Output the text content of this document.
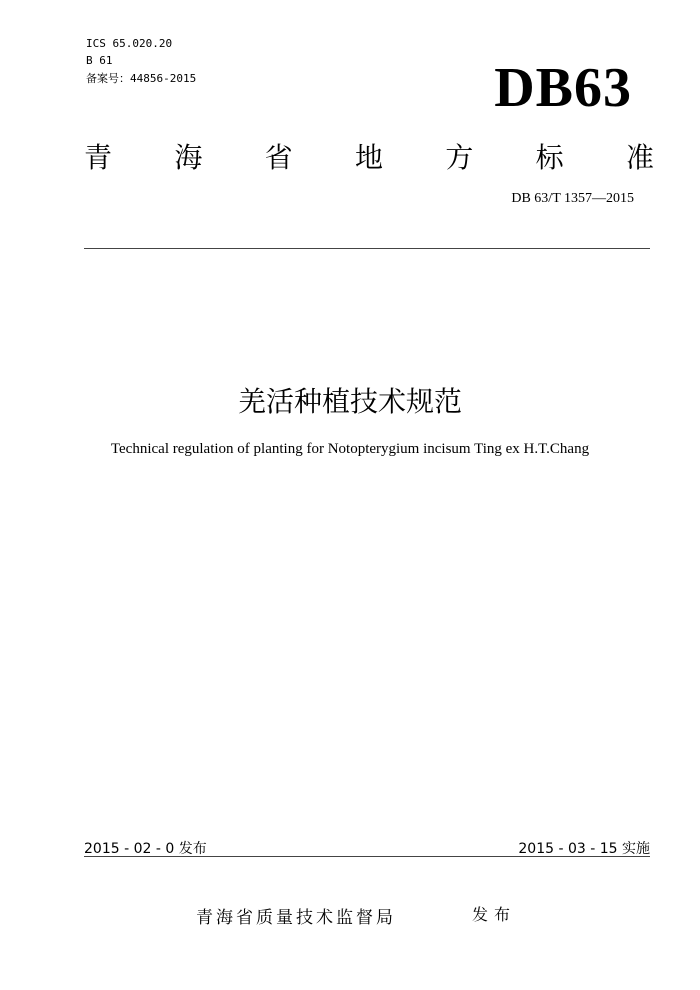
ICS 65.020.20
B 61
备案号：44856-2015	DB63
青 海 省 地 方 标 准
DB 63/T 1357—2015
羌活种植技术规范
Technical regulation of planting for Notopterygium incisum Ting ex H.T.Chang
2015 - 02 - 0 发布	2015 - 03 - 15 实施
青海省质量技术监督局	发布
